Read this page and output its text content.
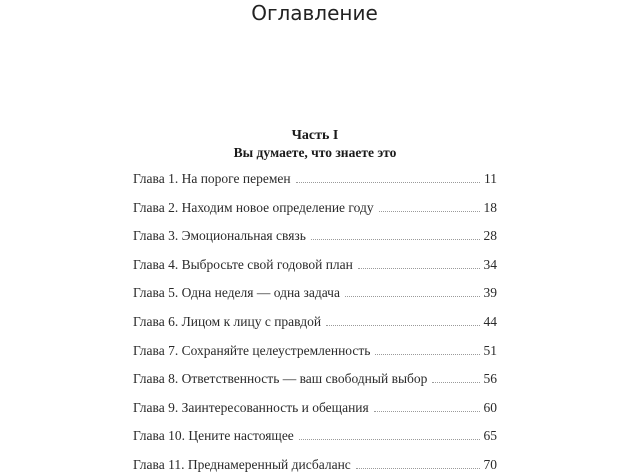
Оглавление
Часть I
Вы думаете, что знаете это
Глава 1. На пороге перемен	11
Глава 2. Находим новое определение году	18
Глава 3. Эмоциональная связь	28
Глава 4. Выбросьте свой годовой план	34
Глава 5. Одна неделя — одна задача	39
Глава 6. Лицом к лицу с правдой	44
Глава 7. Сохраняйте целеустремленность	51
Глава 8. Ответственность — ваш свободный выбор	56
Глава 9. Заинтересованность и обещания	60
Глава 10. Цените настоящее	65
Глава 11. Преднамеренный дисбаланс	70
